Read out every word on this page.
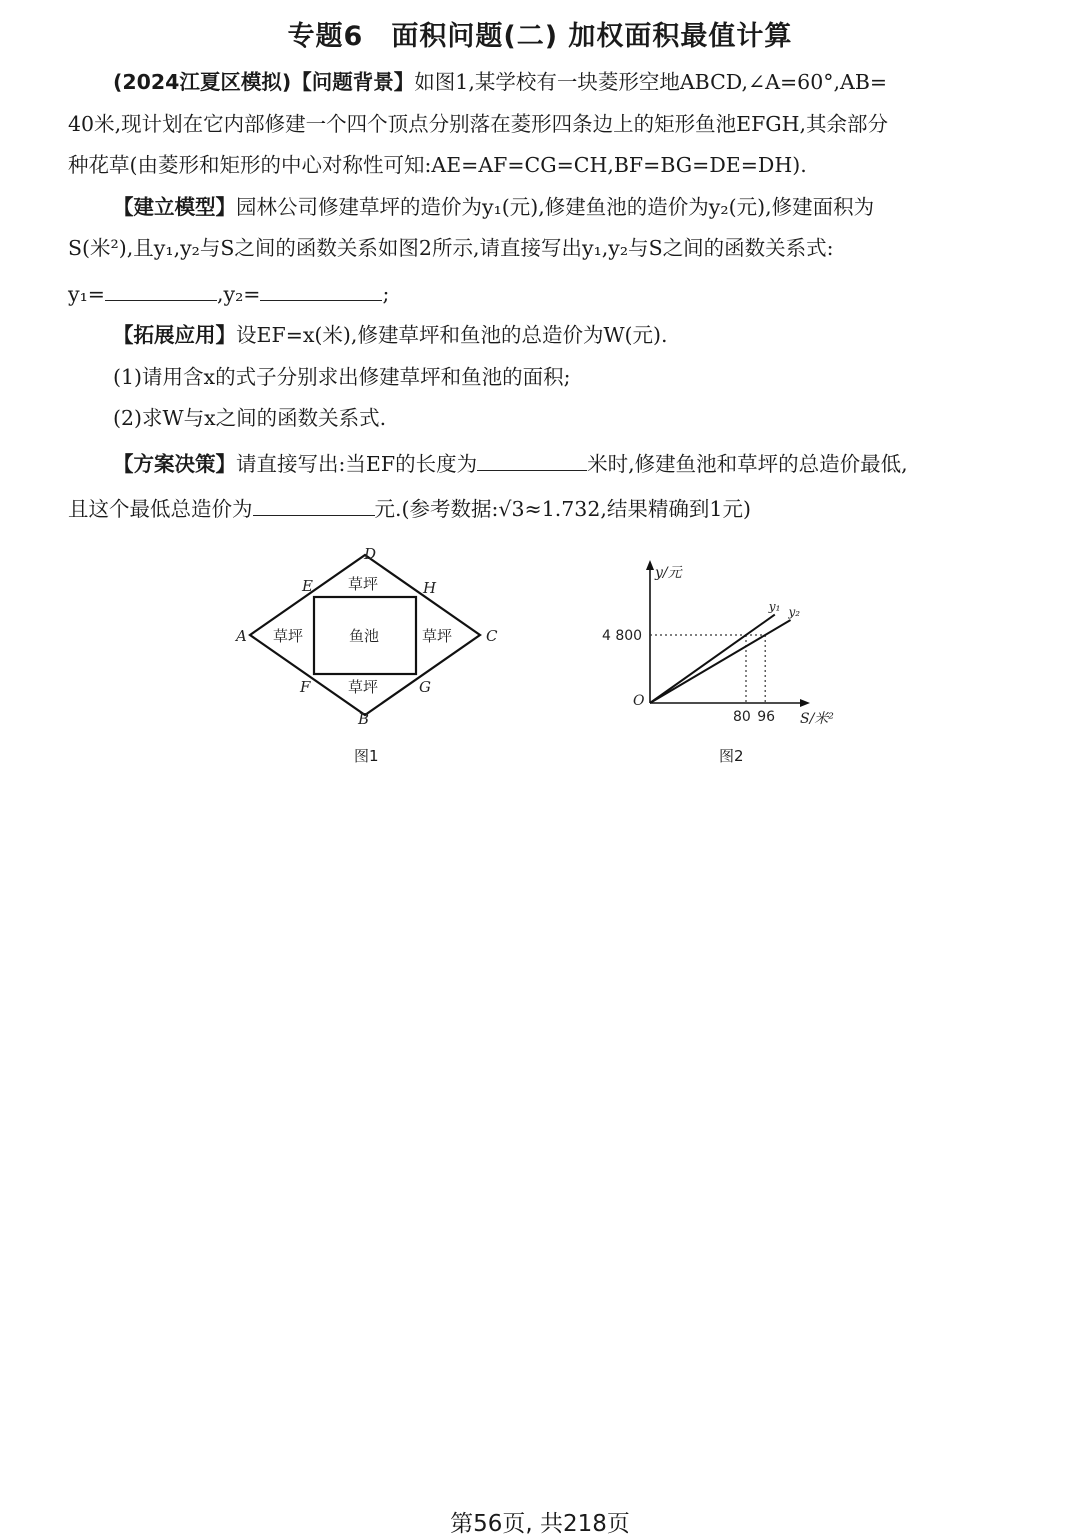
专题6　面积问题(二) 加权面积最值计算

(2024江夏区模拟)【问题背景】如图1,某学校有一块菱形空地ABCD,∠A=60°,AB=
40米,现计划在它内部修建一个四个顶点分别落在菱形四条边上的矩形鱼池EFGH,其余部分
种花草(由菱形和矩形的中心对称性可知:AE=AF=CG=CH,BF=BG=DE=DH).

【建立模型】园林公司修建草坪的造价为y₁(元),修建鱼池的造价为y₂(元),修建面积为
S(米²),且y₁,y₂与S之间的函数关系如图2所示,请直接写出y₁,y₂与S之间的函数关系式:
y₁=	,y₂=	;

【拓展应用】设EF=x(米),修建草坪和鱼池的总造价为W(元).

(1)请用含x的式子分别求出修建草坪和鱼池的面积;

(2)求W与x之间的函数关系式.

【方案决策】请直接写出:当EF的长度为	米时,修建鱼池和草坪的总造价最低,
且这个最低总造价为	元.(参考数据:√3≈1.732,结果精确到1元)

A
B
C
D
E
F	G
H
草坪
草坪	鱼池	草坪
草坪
图1
y/元
S/米²
O
y₁ y₂
4 800
80 96
图2
第56页, 共218页
